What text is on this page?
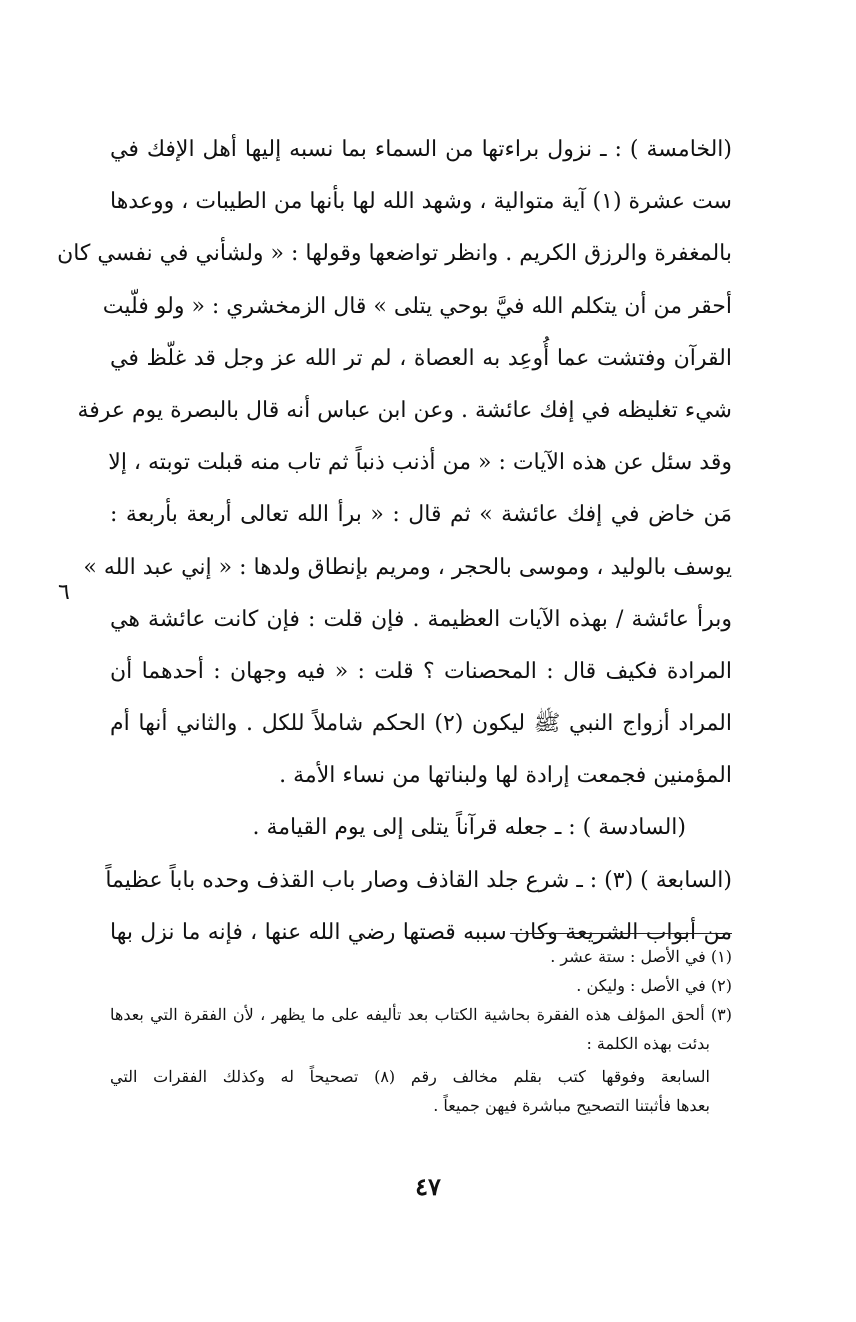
(الخامسة ) : ـ نزول براءتها من السماء بما نسبه إليها أهل الإفك في
ست عشرة (١) آية متوالية ، وشهد الله لها بأنها من الطيبات ، ووعدها
بالمغفرة والرزق الكريم . وانظر تواضعها وقولها : « ولشأني في نفسي كان
أحقر من أن يتكلم الله فيَّ بوحي يتلى » قال الزمخشري : « ولو فلّيت
القرآن وفتشت عما أُوعِد به العصاة ، لم تر الله عز وجل قد غلّظ في
شيء تغليظه في إفك عائشة . وعن ابن عباس أنه قال بالبصرة يوم عرفة
وقد سئل عن هذه الآيات : « من أذنب ذنباً ثم تاب منه قبلت توبته ، إلا
مَن خاض في إفك عائشة » ثم قال : « برأ الله تعالى أربعة بأربعة :
يوسف بالوليد ، وموسى بالحجر ، ومريم بإنطاق ولدها : « إني عبد الله »
وبرأ عائشة / بهذه الآيات العظيمة . فإن قلت : فإن كانت عائشة هي
المرادة فكيف قال : المحصنات ؟ قلت : « فيه وجهان : أحدهما أن
المراد أزواج النبي ﷺ ليكون (٢) الحكم شاملاً للكل . والثاني أنها أم
المؤمنين فجمعت إرادة لها ولبناتها من نساء الأمة .
(السادسة ) : ـ جعله قرآناً يتلى إلى يوم القيامة .
(السابعة ) (٣) : ـ شرع جلد القاذف وصار باب القذف وحده باباً عظيماً
من أبواب الشريعة وكان سببه قصتها رضي الله عنها ، فإنه ما نزل بها
٦
(١) في الأصل : ستة عشر .
(٢) في الأصل : وليكن .
(٣) ألحق المؤلف هذه الفقرة بحاشية الكتاب بعد تأليفه على ما يظهر ، لأن الفقرة التي بعدها
بدئت بهذه الكلمة :
السابعة وفوقها كتب بقلم مخالف رقم (٨) تصحيحاً له وكذلك الفقرات التي
بعدها فأثبتنا التصحيح مباشرة فيهن جميعاً .
٤٧
